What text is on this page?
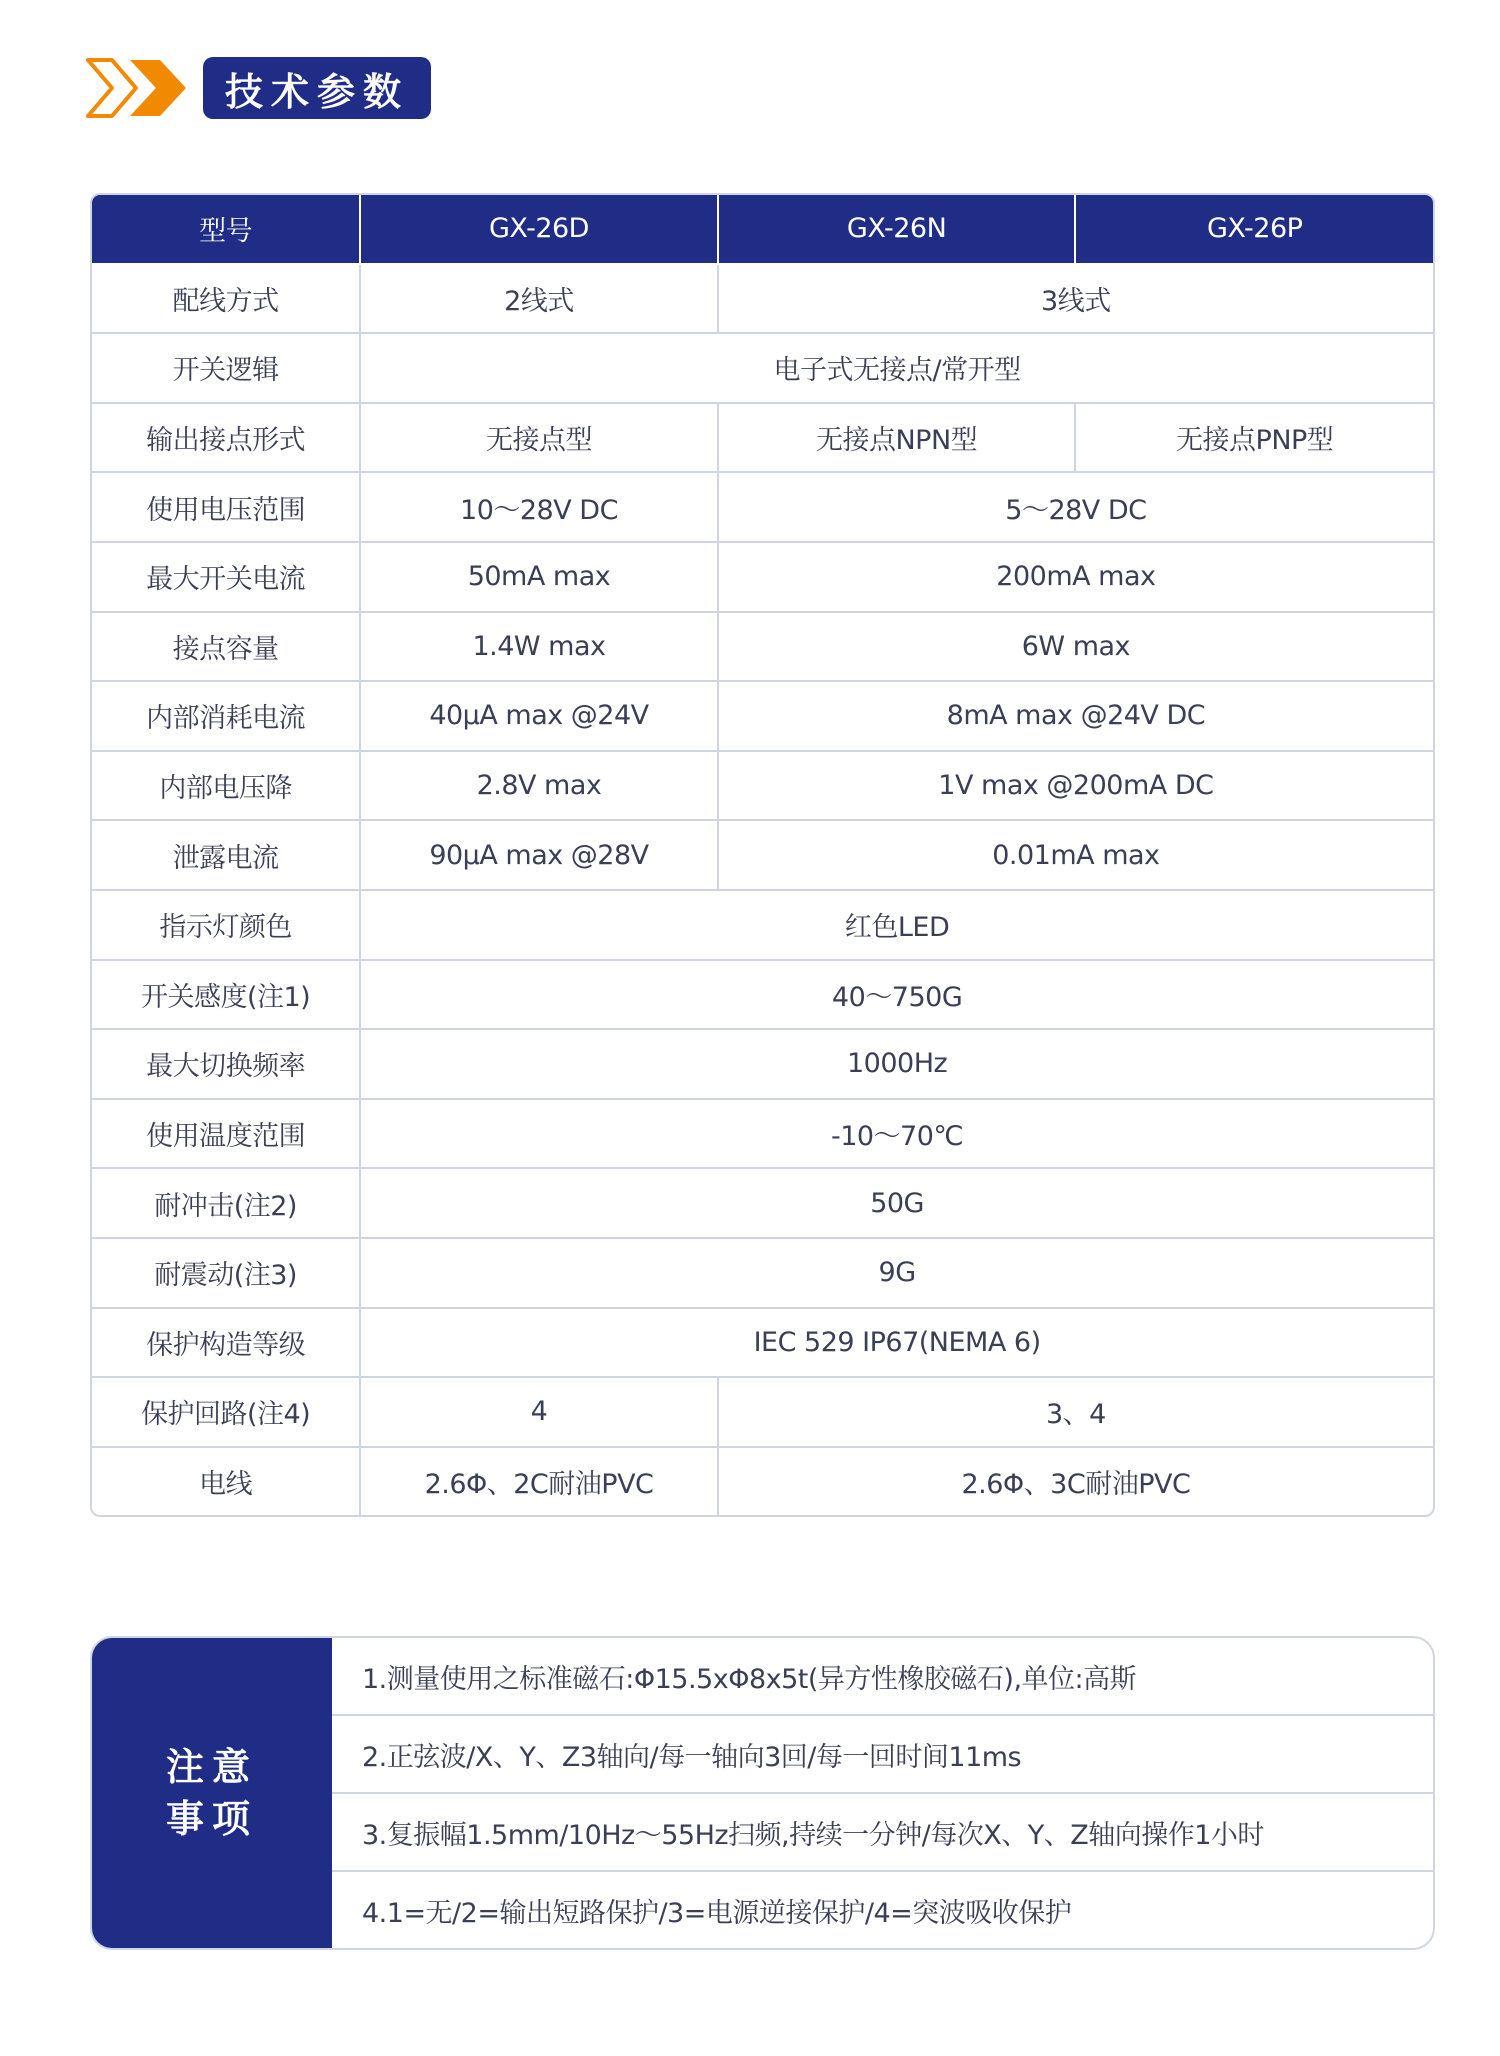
技术参数
型号	GX-26D	GX-26N	GX-26P
配线方式	2线式	3线式	
开关逻辑	电子式无接点/常开型		
输出接点形式	无接点型	无接点NPN型	无接点PNP型
使用电压范围	10～28V DC	5～28V DC	
最大开关电流	50mA max	200mA max	
接点容量	1.4W max	6W max	
内部消耗电流	40μA max @24V	8mA max @24V DC	
内部电压降	2.8V max	1V max @200mA DC	
泄露电流	90μA max @28V	0.01mA max	
指示灯颜色	红色LED		
开关感度(注1)	40～750G		
最大切换频率	1000Hz		
使用温度范围	-10～70℃		
耐冲击(注2)	50G		
耐震动(注3)	9G		
保护构造等级	IEC 529 IP67(NEMA 6)		
保护回路(注4)	4	3、4	
电线	2.6Φ、2C耐油PVC	2.6Φ、3C耐油PVC	
注意
事项
1.测量使用之标准磁石:Φ15.5xΦ8x5t(异方性橡胶磁石),单位:高斯
2.正弦波/X、Y、Z3轴向/每一轴向3回/每一回时间11ms
3.复振幅1.5mm/10Hz～55Hz扫频,持续一分钟/每次X、Y、Z轴向操作1小时
4.1=无/2=输出短路保护/3=电源逆接保护/4=突波吸收保护
